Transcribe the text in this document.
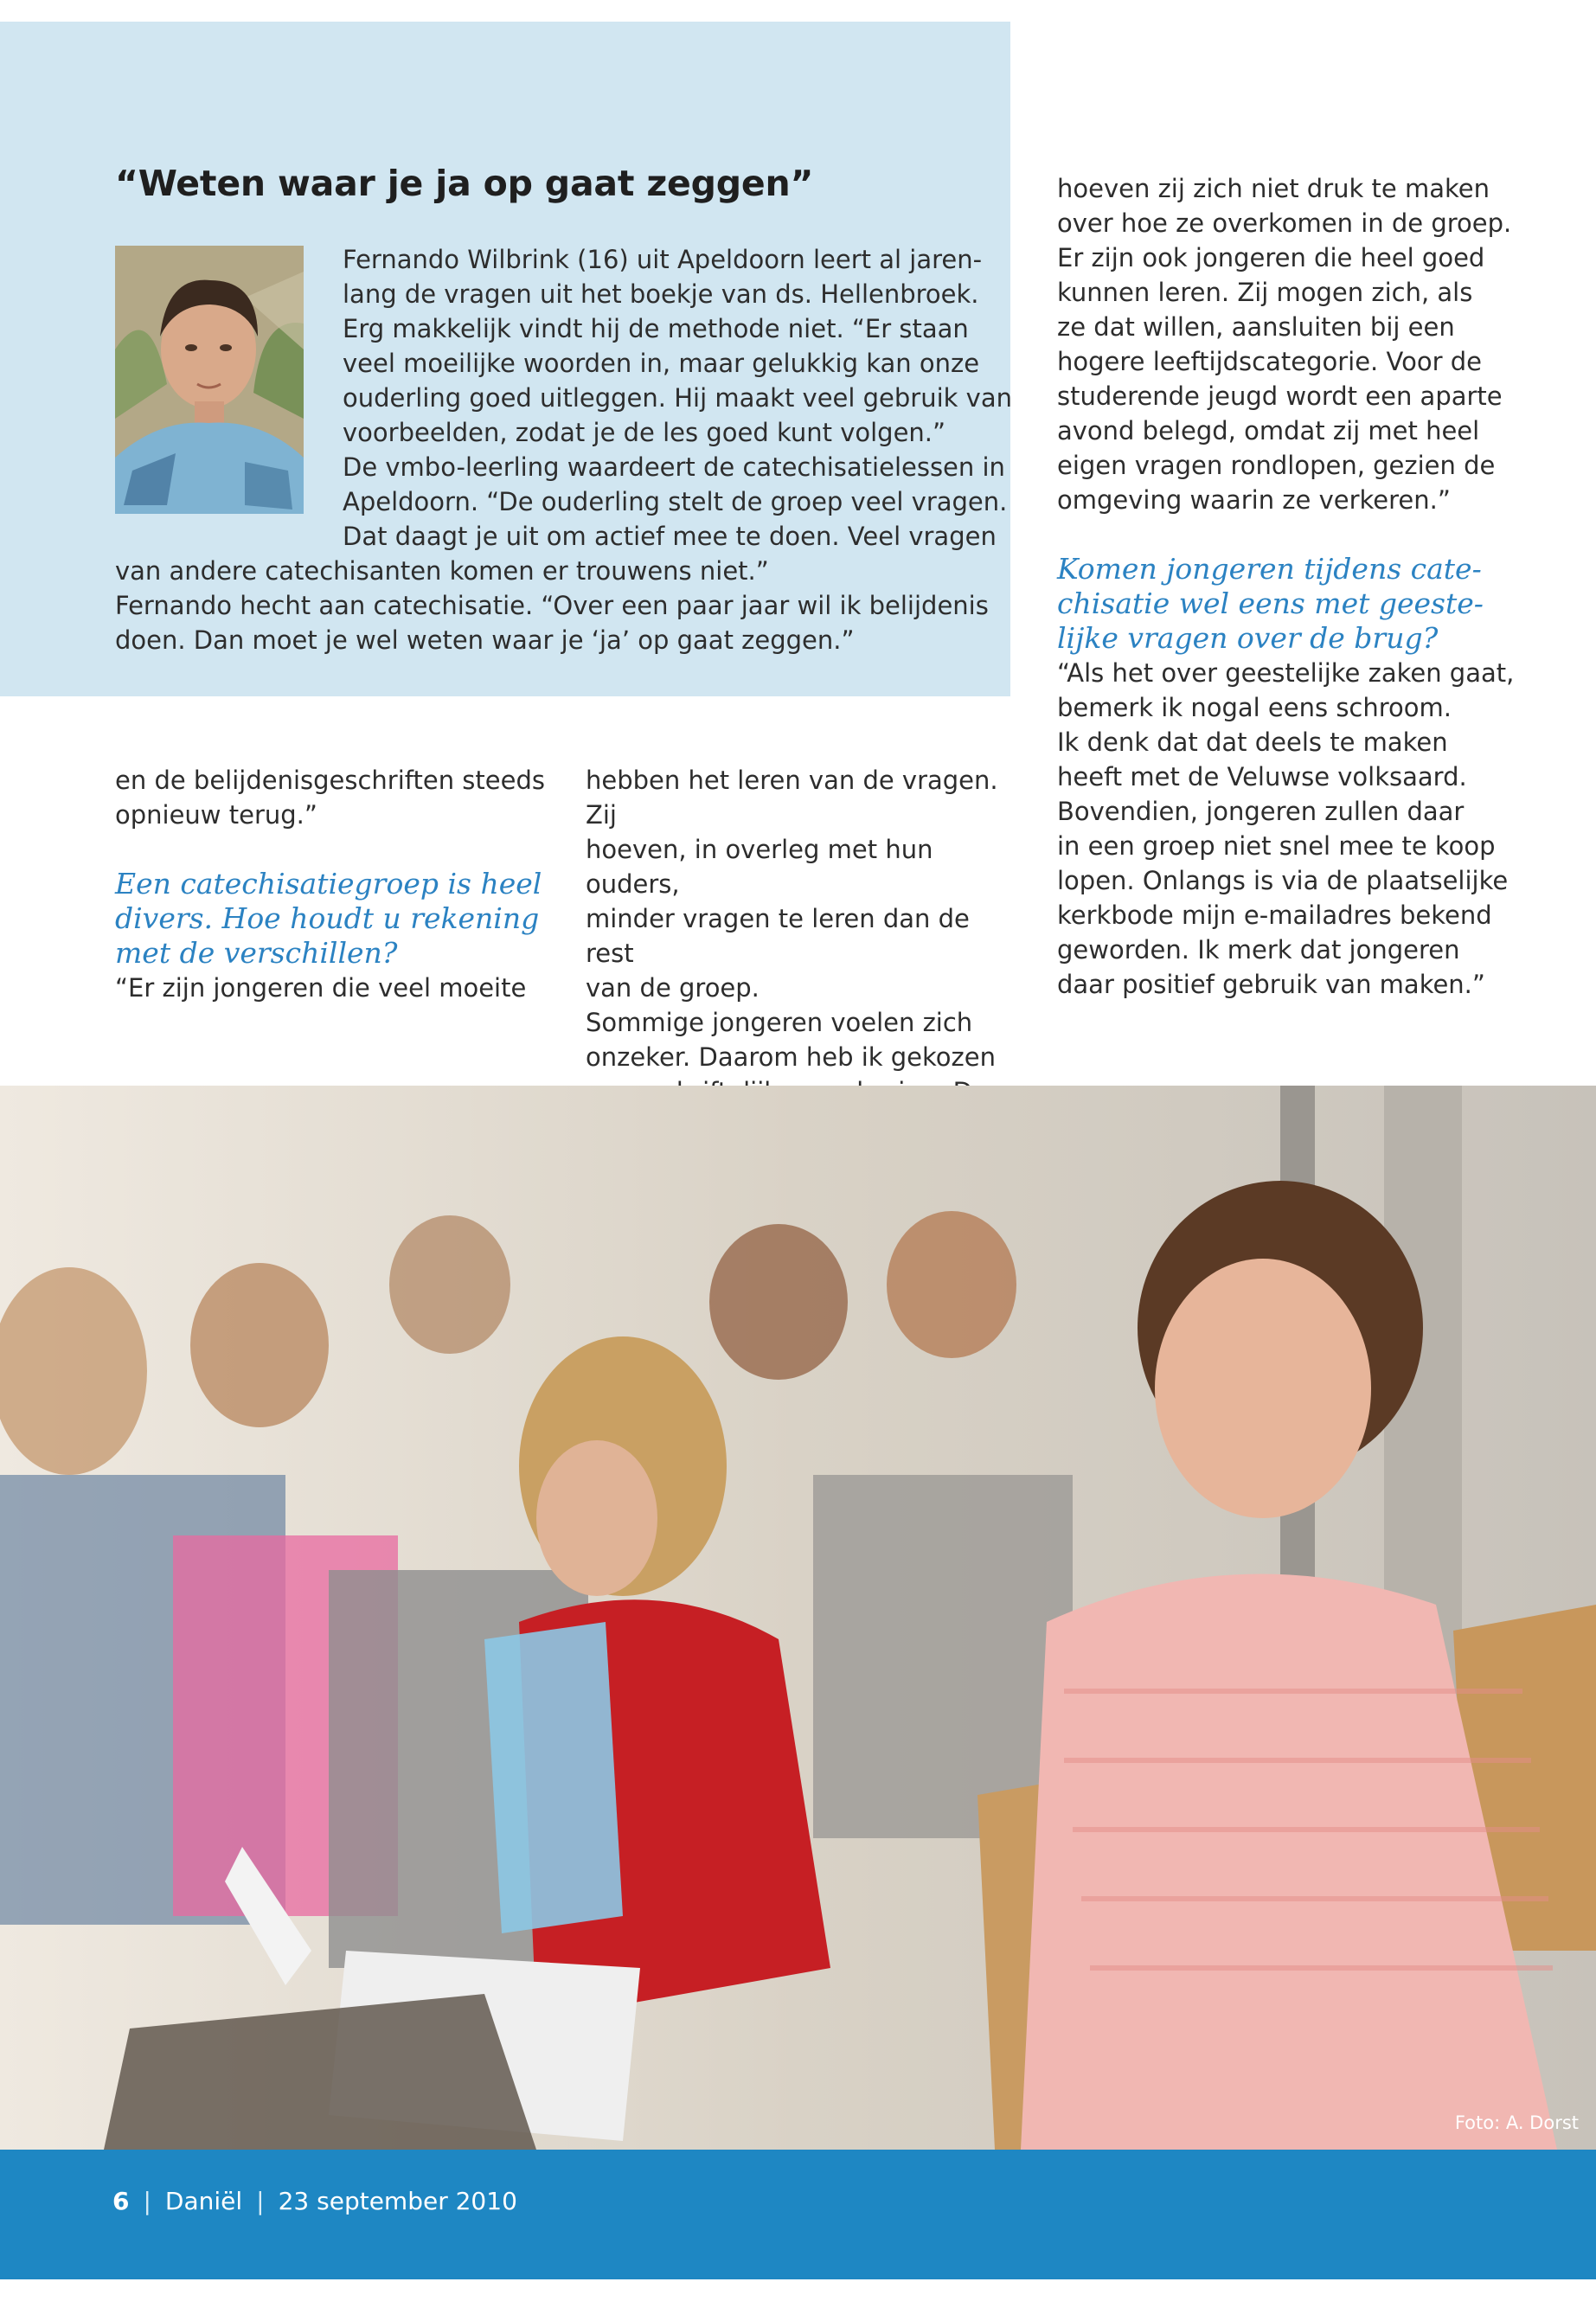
“Weten waar je ja op gaat zeggen”

Fernando Wilbrink (16) uit Apeldoorn leert al jaren-
lang de vragen uit het boekje van ds. Hellenbroek.
Erg makkelijk vindt hij de methode niet. “Er staan
veel moeilijke woorden in, maar gelukkig kan onze
ouderling goed uitleggen. Hij maakt veel gebruik van
voorbeelden, zodat je de les goed kunt volgen.”
De vmbo-leerling waardeert de catechisatielessen in
Apeldoorn. “De ouderling stelt de groep veel vragen.
Dat daagt je uit om actief mee te doen. Veel vragen

van andere catechisanten komen er trouwens niet.”
Fernando hecht aan catechisatie. “Over een paar jaar wil ik belijdenis
doen. Dan moet je wel weten waar je ‘ja’ op gaat zeggen.”

en de belijdenisgeschriften steeds
opnieuw terug.”

Een catechisatiegroep is heel
divers. Hoe houdt u rekening
met de verschillen?

“Er zijn jongeren die veel moeite

hebben het leren van de vragen. Zij
hoeven, in overleg met hun ouders,
minder vragen te leren dan de rest
van de groep.
Sommige jongeren voelen zich
onzeker. Daarom heb ik gekozen

hoeven zij zich niet druk te maken
over hoe ze overkomen in de groep.
Er zijn ook jongeren die heel goed
kunnen leren. Zij mogen zich, als
ze dat willen, aansluiten bij een
hogere leeftijdscategorie. Voor de
studerende jeugd wordt een aparte
avond belegd, omdat zij met heel
eigen vragen rondlopen, gezien de
omgeving waarin ze verkeren.”

Komen jongeren tijdens cate-
chisatie wel eens met geeste-
lijke vragen over de brug?

“Als het over geestelijke zaken gaat,
bemerk ik nogal eens schroom.
Ik denk dat dat deels te maken
heeft met de Veluwse volksaard.
Bovendien, jongeren zullen daar
in een groep niet snel mee te koop
lopen. Onlangs is via de plaatselijke
kerkbode mijn e-mailadres bekend
geworden. Ik merk dat jongeren
daar positief gebruik van maken.”

Foto: A. Dorst
6 | Daniël | 23 september 2010
